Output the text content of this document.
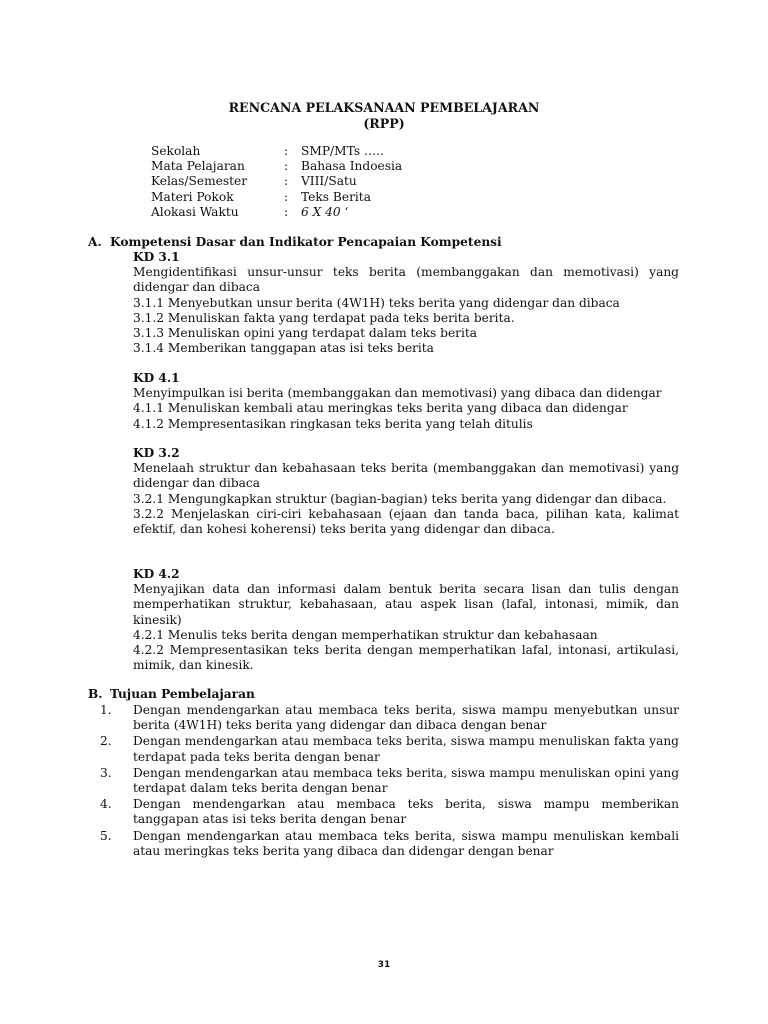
RENCANA PELAKSANAAN PEMBELAJARAN
(RPP)
Sekolah	:	SMP/MTs …..
Mata Pelajaran	:	Bahasa Indoesia
Kelas/Semester	:	VIII/Satu
Materi Pokok	:	Teks Berita
Alokasi Waktu	:	6 X 40 ‘
A. Kompetensi Dasar dan Indikator Pencapaian Kompetensi
KD 3.1
Mengidentifikasi unsur-unsur teks berita (membanggakan dan memotivasi) yang didengar dan dibaca
3.1.1 Menyebutkan unsur berita (4W1H) teks berita yang didengar dan dibaca
3.1.2 Menuliskan fakta yang terdapat pada teks berita berita.
3.1.3 Menuliskan opini yang terdapat dalam teks berita
3.1.4 Memberikan tanggapan atas isi teks berita
KD 4.1
Menyimpulkan isi berita (membanggakan dan memotivasi) yang dibaca dan didengar
4.1.1 Menuliskan kembali atau meringkas teks berita yang dibaca dan didengar
4.1.2 Mempresentasikan ringkasan teks berita yang telah ditulis
KD 3.2
Menelaah struktur dan kebahasaan teks berita (membanggakan dan memotivasi) yang didengar dan dibaca
3.2.1 Mengungkapkan struktur (bagian-bagian) teks berita yang didengar dan dibaca.
3.2.2 Menjelaskan ciri-ciri kebahasaan (ejaan dan tanda baca, pilihan kata, kalimat efektif, dan kohesi koherensi) teks berita yang didengar dan dibaca.
KD 4.2
Menyajikan data dan informasi dalam bentuk berita secara lisan dan tulis dengan memperhatikan struktur, kebahasaan, atau aspek lisan (lafal, intonasi, mimik, dan kinesik)
4.2.1 Menulis teks berita dengan memperhatikan struktur dan kebahasaan
4.2.2 Mempresentasikan teks berita dengan memperhatikan lafal, intonasi, artikulasi, mimik, dan kinesik.
B. Tujuan Pembelajaran
1.	Dengan mendengarkan atau membaca teks berita, siswa mampu menyebutkan unsur berita (4W1H) teks berita yang didengar dan dibaca dengan benar
2.	Dengan mendengarkan atau membaca teks berita, siswa mampu menuliskan fakta yang terdapat pada teks berita dengan benar
3.	Dengan mendengarkan atau membaca teks berita, siswa mampu menuliskan opini yang terdapat dalam teks berita dengan benar
4.	Dengan mendengarkan atau membaca teks berita, siswa mampu memberikan tanggapan atas isi teks berita dengan benar
5.	Dengan mendengarkan atau membaca teks berita, siswa mampu menuliskan kembali atau meringkas teks berita yang dibaca dan didengar dengan benar
31
